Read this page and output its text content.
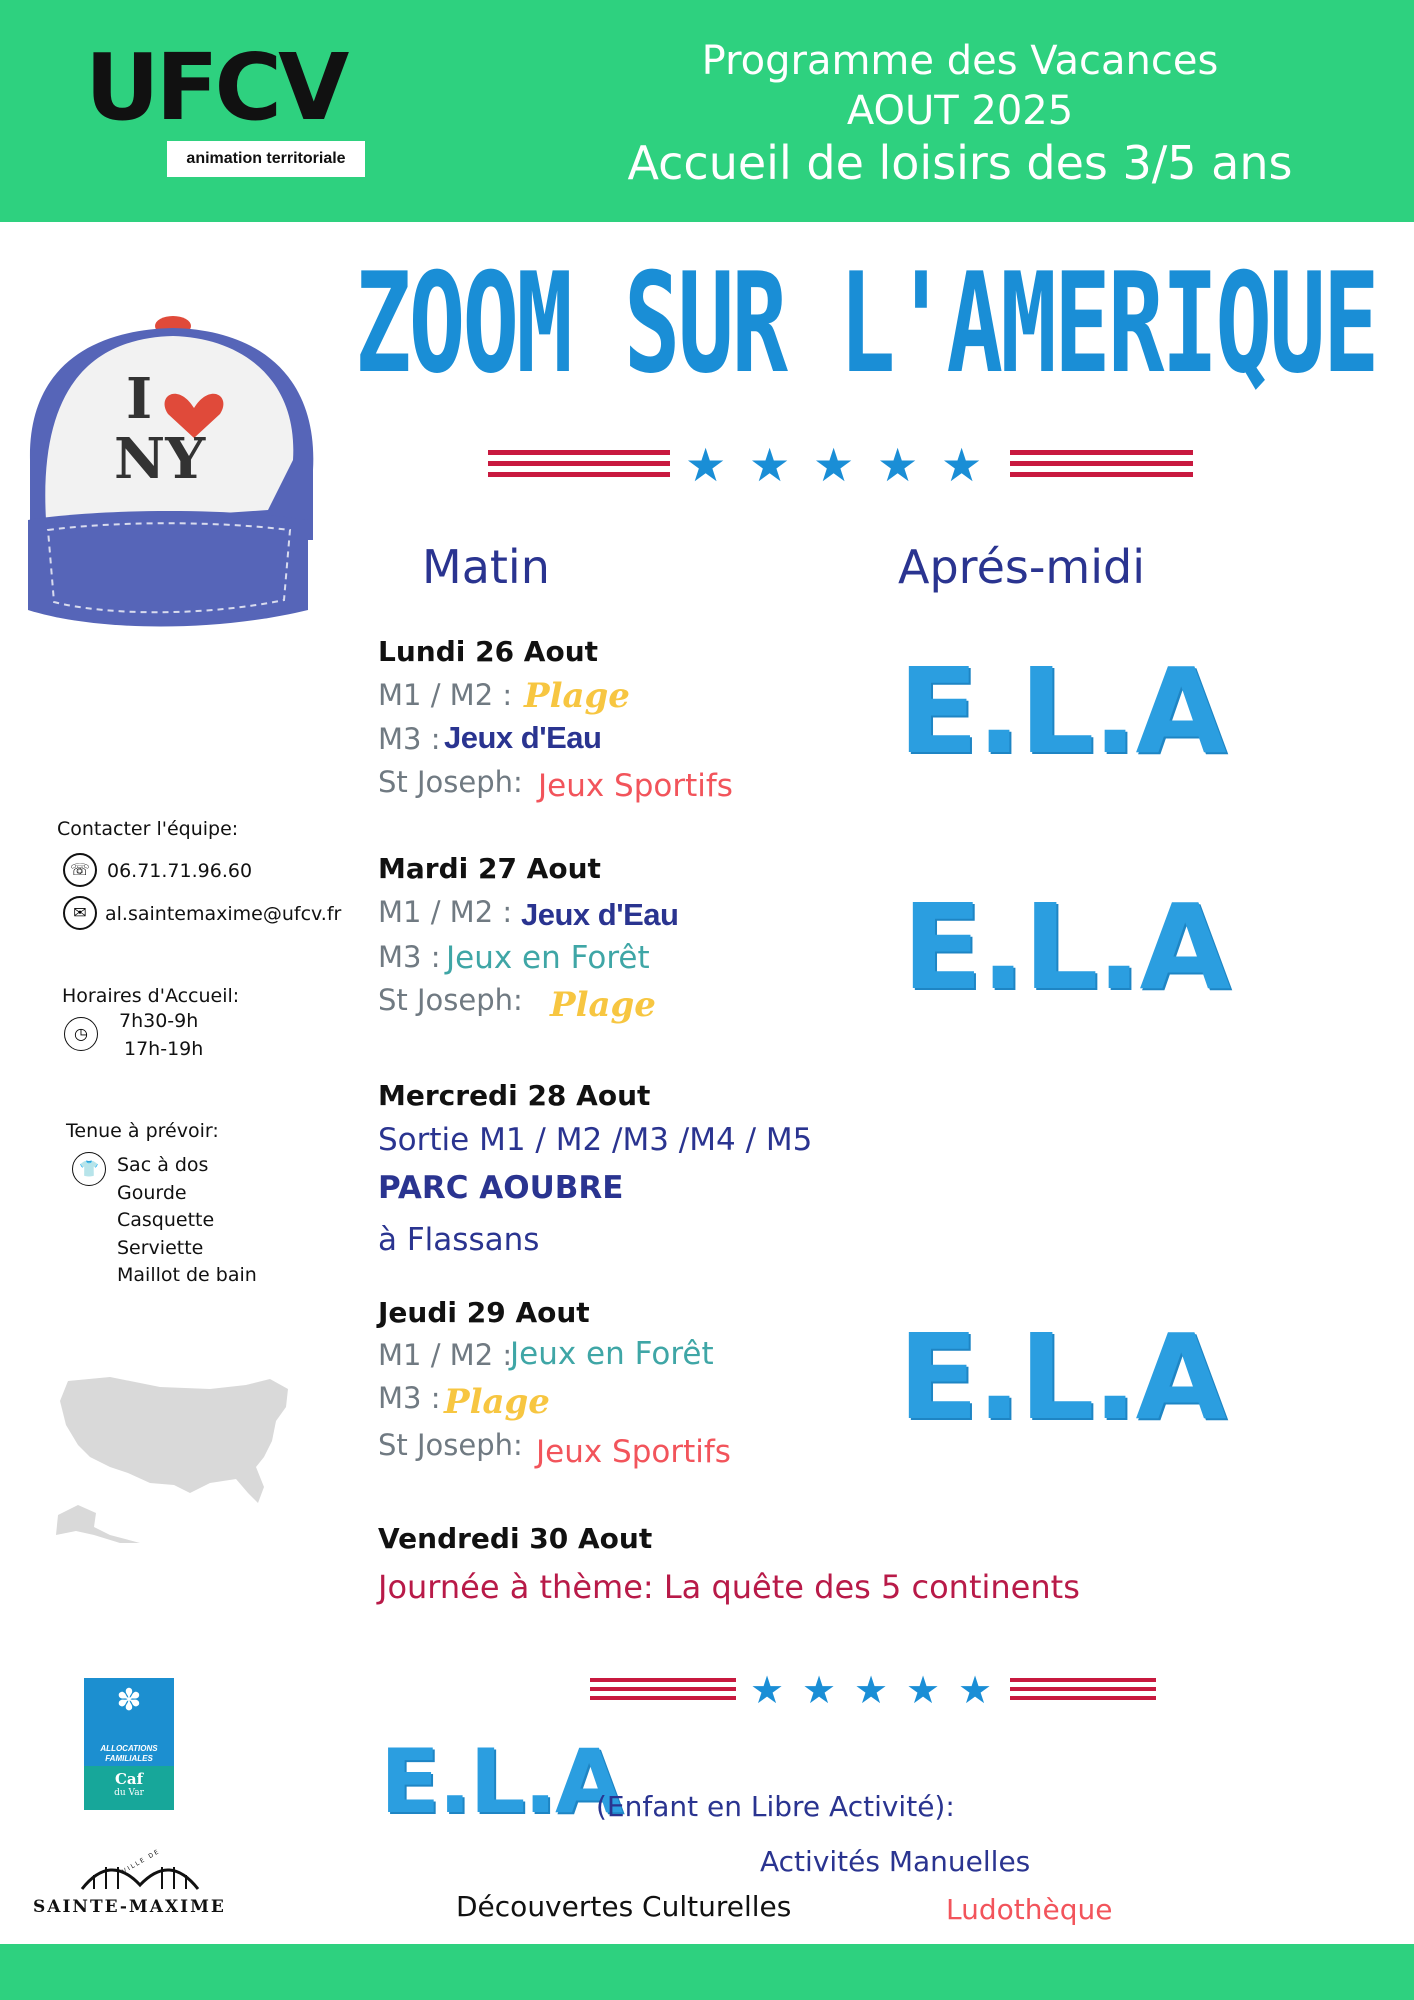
UFCV
animation territoriale
Programme des Vacances
AOUT 2025
Accueil de loisirs des 3/5 ans
I
NY
ZOOM SUR L'AMERIQUE
★ ★ ★ ★ ★
Matin	Aprés-midi
Lundi 26 Aout
M1 / M2 : Plage
M3 : Jeux d'Eau
St Joseph: Jeux Sportifs
E.L.A
Mardi 27 Aout
M1 / M2 : Jeux d'Eau
M3 : Jeux en Forêt
St Joseph: Plage E.L.A
Mercredi 28 Aout
Sortie M1 / M2 /M3 /M4 / M5
PARC AOUBRE
à Flassans
Jeudi 29 Aout
M1 / M2 :
Jeux en Forêt
M3 : Plage
St Joseph: Jeux Sportifs
E.L.A
Vendredi 30 Aout
Journée à thème: La quête des 5 continents
Contacter l'équipe:
☏ 06.71.71.96.60
✉ al.saintemaxime@ufcv.fr
Horaires d'Accueil:
◷
7h30-9h
17h-19h
Tenue à prévoir:
👕 Sac à dos
Gourde
Casquette
Serviette
Maillot de bain
★ ★ ★ ★ ★
E.L.A
(Enfant en Libre Activité):
Activités Manuelles
Découvertes Culturelles	Ludothèque
✽
ALLOCATIONS
FAMILIALES
Caf
du Var
VILLE DE
SAINTE-MAXIME
